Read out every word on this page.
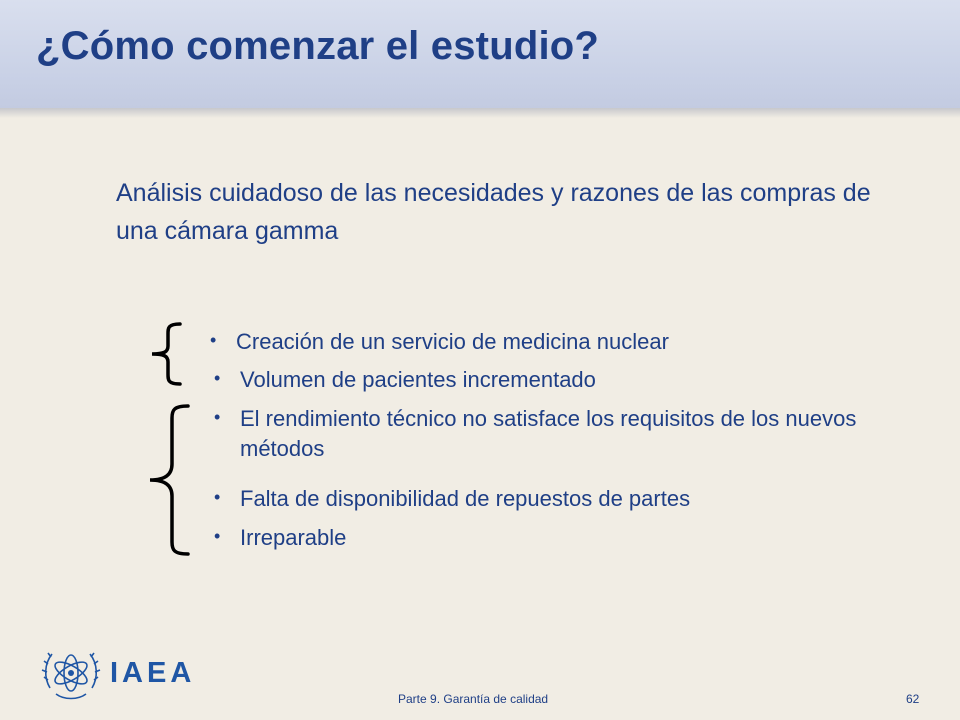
¿Cómo comenzar el estudio?

Análisis cuidadoso de las necesidades y razones de las compras de una cámara gamma

• Creación de un servicio de medicina nuclear
• Volumen de pacientes incrementado
• El rendimiento técnico no satisface los requisitos de los nuevos métodos
• Falta de disponibilidad de repuestos de partes
• Irreparable
IAEA
Parte 9. Garantía de calidad	62
